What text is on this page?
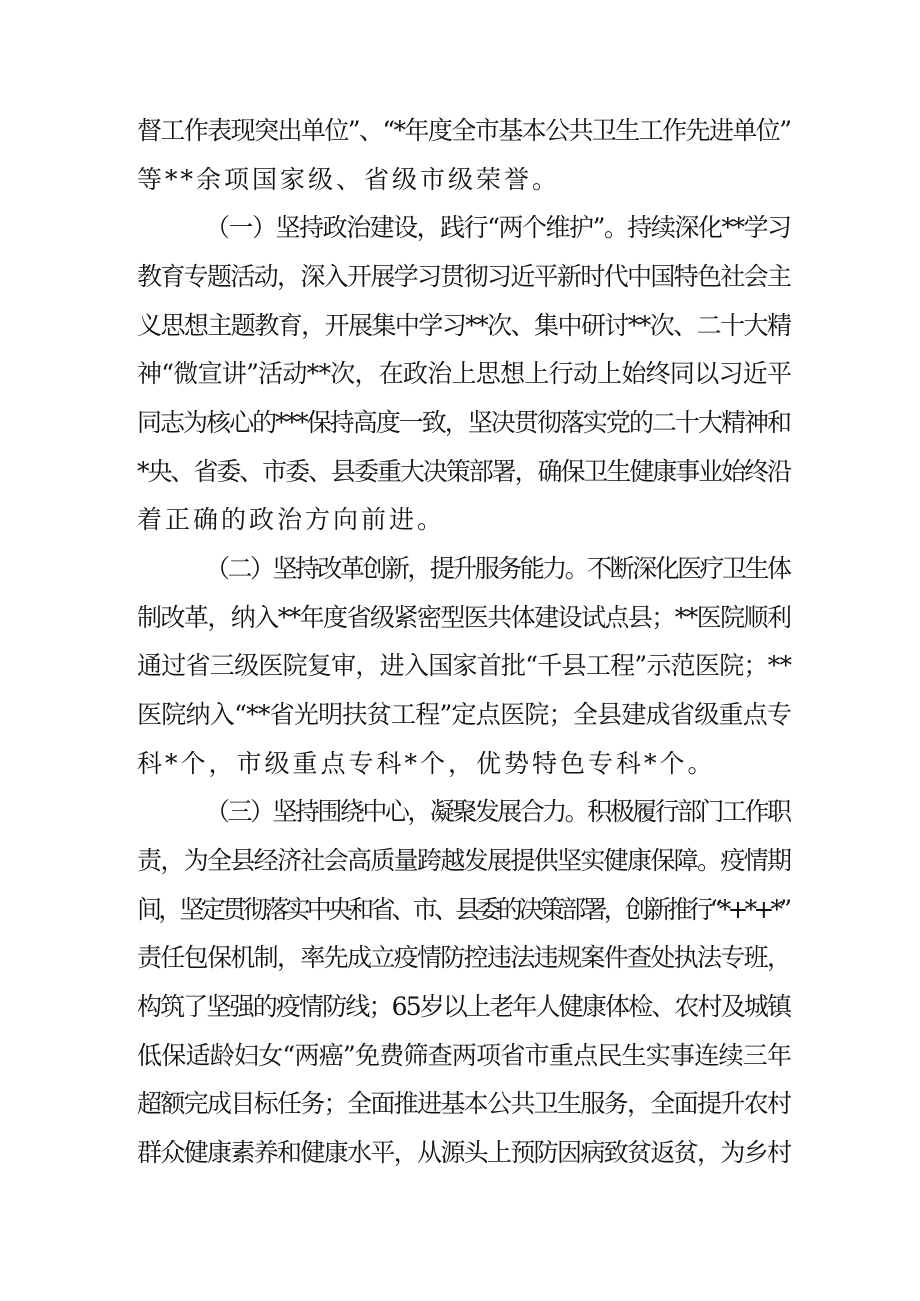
督工作表现突出单位”、“*年度全市基本公共卫生工作先进单位”
等**余项国家级、省级市级荣誉。
（一）坚持政治建设，践行“两个维护”。持续深化**学习
教育专题活动，深入开展学习贯彻习近平新时代中国特色社会主
义思想主题教育，开展集中学习**次、集中研讨**次、二十大精
神“微宣讲”活动**次，在政治上思想上行动上始终同以习近平
同志为核心的***保持高度一致，坚决贯彻落实党的二十大精神和
*央、省委、市委、县委重大决策部署，确保卫生健康事业始终沿
着正确的政治方向前进。
（二）坚持改革创新，提升服务能力。不断深化医疗卫生体
制改革，纳入**年度省级紧密型医共体建设试点县；**医院顺利
通过省三级医院复审，进入国家首批“千县工程”示范医院；**
医院纳入“**省光明扶贫工程”定点医院；全县建成省级重点专
科*个，市级重点专科*个，优势特色专科*个。
（三）坚持围绕中心，凝聚发展合力。积极履行部门工作职
责，为全县经济社会高质量跨越发展提供坚实健康保障。疫情期
间，坚定贯彻落实中央和省、市、县委的决策部署，创新推行“*+*+*”
责任包保机制，率先成立疫情防控违法违规案件查处执法专班，
构筑了坚强的疫情防线；65岁以上老年人健康体检、农村及城镇
低保适龄妇女“两癌”免费筛查两项省市重点民生实事连续三年
超额完成目标任务；全面推进基本公共卫生服务，全面提升农村
群众健康素养和健康水平，从源头上预防因病致贫返贫，为乡村
